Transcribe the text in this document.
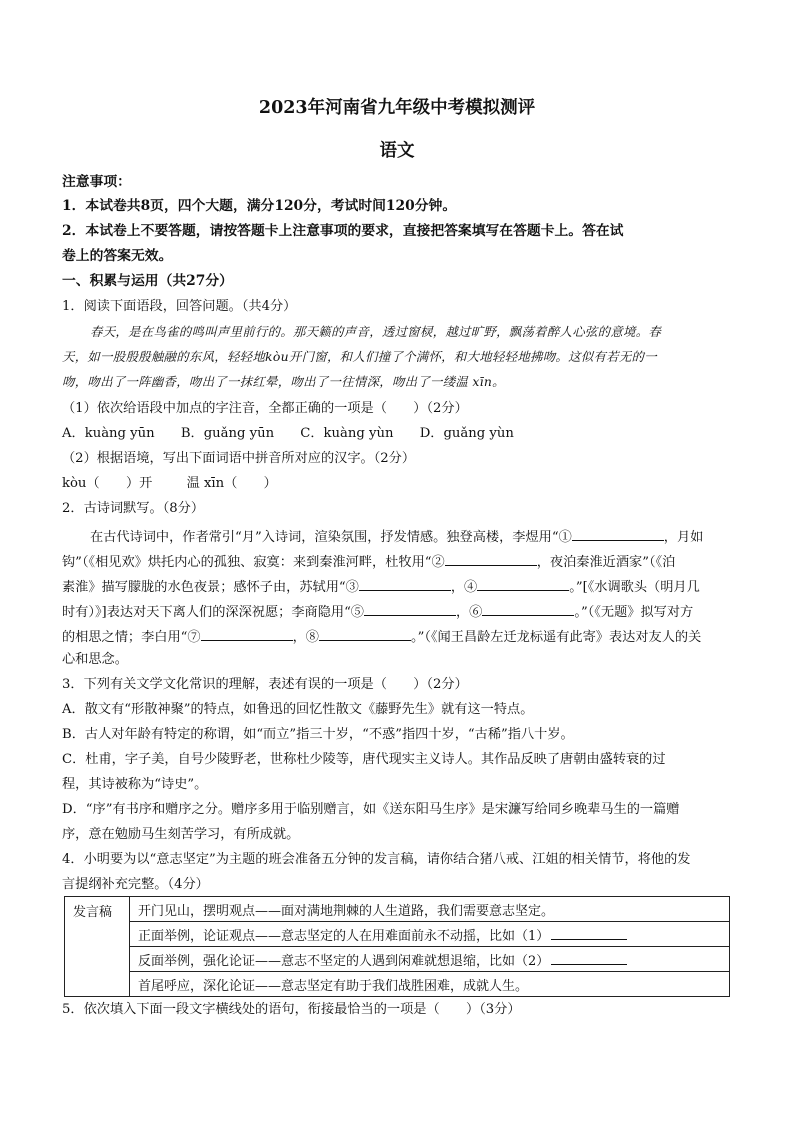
2023年河南省九年级中考模拟测评
语文
注意事项：
1．本试卷共8页，四个大题，满分120分，考试时间120分钟。
2．本试卷上不要答题，请按答题卡上注意事项的要求，直接把答案填写在答题卡上。答在试
卷上的答案无效。
一、积累与运用（共27分）
1．阅读下面语段，回答问题。（共4分）
春天，是在鸟雀的鸣叫声里前行的。那天籁的声音，透过窗棂，越过旷野，飘荡着醉人心弦的意境。春
天，如一股殷殷触融的东风，轻轻地kòu开门窗，和人们撞了个满怀，和大地轻轻地拂吻。这似有若无的一
吻，吻出了一阵幽香，吻出了一抹红晕，吻出了一往情深，吻出了一缕温 xīn。
（1）依次给语段中加点的字注音，全都正确的一项是（　　）（2分）
A．kuàng yūn B．guǎng yūn C．kuàng yùn D．guǎng yùn
（2）根据语境，写出下面词语中拼音所对应的汉字。（2分）
kòu（　　）开	温 xīn（　　）
2．古诗词默写。（8分）
在古代诗词中，作者常引“月”入诗词，渲染氛围，抒发情感。独登高楼，李煜用“①	，月如
钩”（《相见欢》烘托内心的孤独、寂寞：来到秦淮河畔，杜牧用“②	，夜泊秦淮近酒家”（《泊
素淮》描写朦胧的水色夜景；感怀子由，苏轼用“③	，④	。”[《水调歌头（明月几
时有）》]表达对天下离人们的深深祝愿；李商隐用“⑤	，⑥	。”（《无题》拟写对方
的相思之情；李白用“⑦	，⑧	。”（《闻王昌龄左迁龙标遥有此寄》表达对友人的关
心和思念。
3．下列有关文学文化常识的理解，表述有误的一项是（　　）（2分）
A．散文有“形散神聚”的特点，如鲁迅的回忆性散文《藤野先生》就有这一特点。
B．古人对年龄有特定的称谓，如“而立”指三十岁，“不惑”指四十岁，“古稀”指八十岁。
C．杜甫，字子美，自号少陵野老，世称杜少陵等，唐代现实主义诗人。其作品反映了唐朝由盛转衰的过
程，其诗被称为“诗史”。
D．“序”有书序和赠序之分。赠序多用于临别赠言，如《送东阳马生序》是宋濂写给同乡晚辈马生的一篇赠
序，意在勉励马生刻苦学习，有所成就。
4．小明要为以“意志坚定”为主题的班会准备五分钟的发言稿，请你结合猪八戒、江姐的相关情节，将他的发
言提纲补充完整。（4分）
发言稿	开门见山，摆明观点——面对满地荆棘的人生道路，我们需要意志坚定。
正面举例，论证观点——意志坚定的人在用难面前永不动摇，比如（1）
反面举例，强化论证——意志不坚定的人遇到闲难就想退缩，比如（2）
首尾呼应，深化论证——意志坚定有助于我们战胜困难，成就人生。
5．依次填入下面一段文字横线处的语句，衔接最恰当的一项是（　　）（3分）
